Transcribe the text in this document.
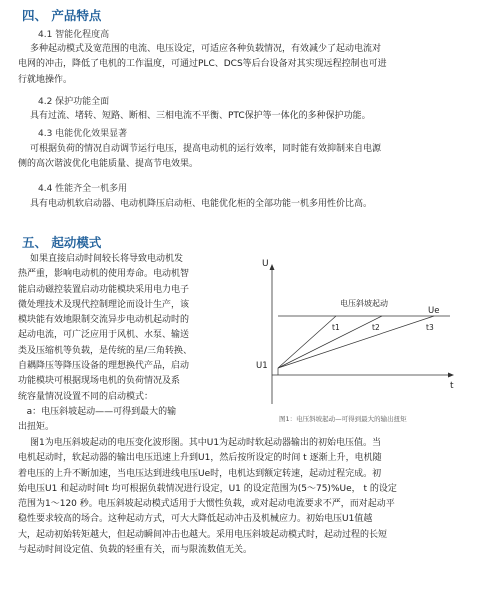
四、 产品特点
4.1 智能化程度高
多种起动模式及宽范围的电流、电压设定，可适应各种负载情况，有效减少了起动电流对
电网的冲击，降低了电机的工作温度，可通过PLC、DCS等后台设备对其实现远程控制也可进
行就地操作。
4.2 保护功能全面
具有过流、堵转、短路、断相、三相电流不平衡、PTC保护等一体化的多种保护功能。
4.3 电能优化效果显著
可根据负荷的情况自动调节运行电压，提高电动机的运行效率，同时能有效抑制来自电源
侧的高次谐波优化电能质量、提高节电效果。
4.4 性能齐全一机多用
具有电动机软启动器、电动机降压启动柜、电能优化柜的全部功能一机多用性价比高。
五、 起动模式
如果直接启动时间较长将导致电动机发
热严重，影响电动机的使用寿命。电动机智
能启动磁控装置启动功能模块采用电力电子
微处理技术及现代控制理论而设计生产，该
模块能有效地限制交流异步电动机起动时的
起动电流，可广泛应用于风机、水泵、输送
类及压缩机等负载，是传统的星/三角转换、
自耦降压等降压设备的理想换代产品，启动
功能模块可根据现场电机的负荷情况及系
统容量情况设置不同的启动模式：
a：电压斜坡起动——可得到最大的输
出扭矩。
U
t
电压斜坡起动
Ue
U1
t1	t2	t3
图1：电压斜坡起动—可得到最大的输出扭矩
图1为电压斜坡起动的电压变化波形图。其中U1为起动时软起动器输出的初始电压值。当
电机起动时，软起动器的输出电压迅速上升到U1，然后按所设定的时间 t 逐渐上升，电机随
着电压的上升不断加速，当电压达到进线电压Ue时，电机达到额定转速，起动过程完成。初
始电压U1 和起动时间t 均可根据负载情况进行设定，U1 的设定范围为(5～75)%Ue， t 的设定
范围为1～120 秒。电压斜坡起动模式适用于大惯性负载，或对起动电流要求不严，而对起动平
稳性要求较高的场合。这种起动方式，可大大降低起动冲击及机械应力。初始电压U1值越
大，起动初始转矩越大，但起动瞬间冲击也越大。采用电压斜坡起动模式时，起动过程的长短
与起动时间设定值、负载的轻重有关，而与限流数值无关。
